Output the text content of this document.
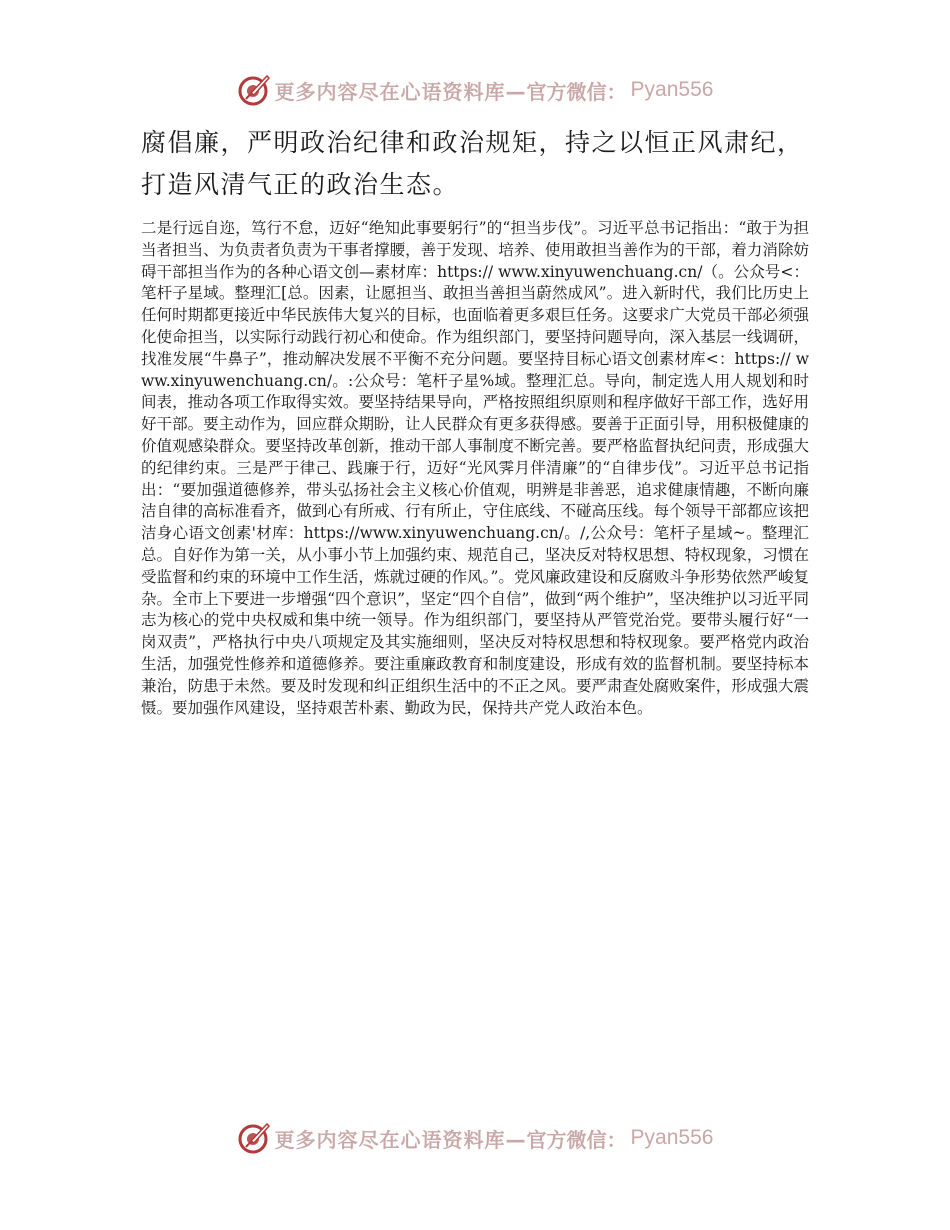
更多内容尽在心语资料库— 官方微信： Pyan556

腐倡廉，严明政治纪律和政治规矩，持之以恒正风肃纪，打造风清气正的政治生态。

二是行远自迩，笃行不怠，迈好“绝知此事要躬行”的“担当步伐”。习近平总书记指出：“敢于为担当者担当、为负责者负责为干事者撑腰，善于发现、培养、使用敢担当善作为的干部，着力消除妨碍干部担当作为的各种心语文创—素材库：https:// www.xinyuwenchuang.cn/（。公众号<：笔杆子星域。整理汇[总。因素，让愿担当、敢担当善担当蔚然成风”。进入新时代，我们比历史上任何时期都更接近中华民族伟大复兴的目标，也面临着更多艰巨任务。这要求广大党员干部必须强化使命担当，以实际行动践行初心和使命。作为组织部门，要坚持问题导向，深入基层一线调研，找准发展“牛鼻子”，推动解决发展不平衡不充分问题。要坚持目标心语文创素材库<：https:// www.xinyuwenchuang.cn/。:公众号：笔杆子星%域。整理汇总。导向，制定选人用人规划和时间表，推动各项工作取得实效。要坚持结果导向，严格按照组织原则和程序做好干部工作，选好用好干部。要主动作为，回应群众期盼，让人民群众有更多获得感。要善于正面引导，用积极健康的价值观感染群众。要坚持改革创新，推动干部人事制度不断完善。要严格监督执纪问责，形成强大的纪律约束。三是严于律己、践廉于行，迈好“光风霁月伴清廉”的“自律步伐”。习近平总书记指出：“要加强道德修养，带头弘扬社会主义核心价值观，明辨是非善恶，追求健康情趣，不断向廉洁自律的高标准看齐，做到心有所戒、行有所止，守住底线、不碰高压线。每个领导干部都应该把洁身心语文创素'材库：https://www.xinyuwenchuang.cn/。/,公众号：笔杆子星域~。整理汇总。自好作为第一关，从小事小节上加强约束、规范自己，坚决反对特权思想、特权现象，习惯在受监督和约束的环境中工作生活，炼就过硬的作风。”。党风廉政建设和反腐败斗争形势依然严峻复杂。全市上下要进一步增强“四个意识”，坚定“四个自信”，做到“两个维护”，坚决维护以习近平同志为核心的党中央权威和集中统一领导。作为组织部门，要坚持从严管党治党。要带头履行好“一岗双责”，严格执行中央八项规定及其实施细则，坚决反对特权思想和特权现象。要严格党内政治生活，加强党性修养和道德修养。要注重廉政教育和制度建设，形成有效的监督机制。要坚持标本兼治，防患于未然。要及时发现和纠正组织生活中的不正之风。要严肃查处腐败案件，形成强大震慑。要加强作风建设，坚持艰苦朴素、勤政为民，保持共产党人政治本色。

更多内容尽在心语资料库— 官方微信： Pyan556
